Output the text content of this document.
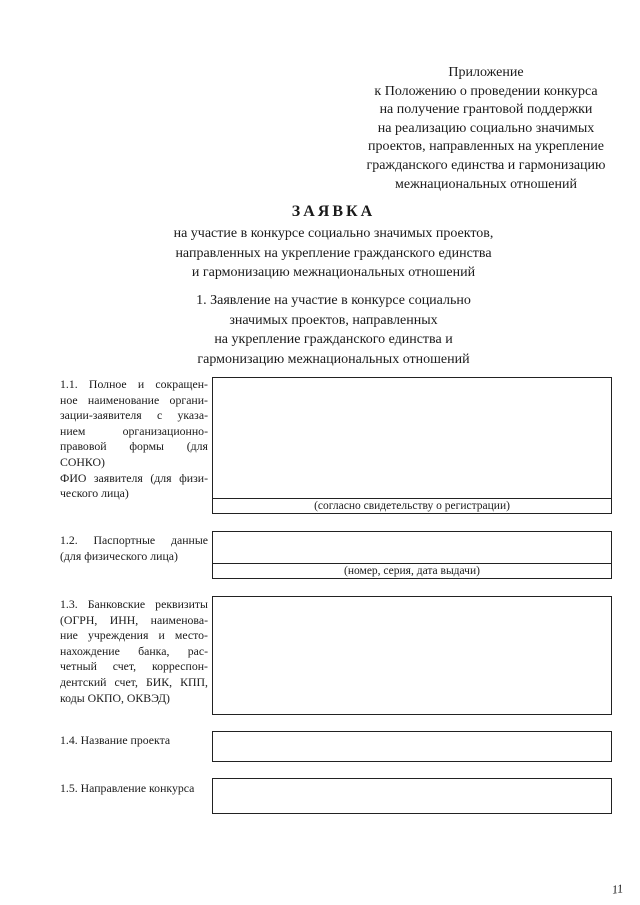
Приложение
к Положению о проведении конкурса
на получение грантовой поддержки
на реализацию социально значимых
проектов, направленных на укрепление
гражданского единства и гармонизацию
межнациональных отношений
ЗАЯВКА
на участие в конкурсе социально значимых проектов,
направленных на укрепление гражданского единства
и гармонизацию межнациональных отношений
1. Заявление на участие в конкурсе социально
значимых проектов, направленных
на укрепление гражданского единства и
гармонизацию межнациональных отношений
1.1. Полное и сокращен-
ное наименование органи-
зации-заявителя с указа-
нием организационно-
правовой формы (для
СОНКО)
ФИО заявителя (для физи-
ческого лица)
(согласно свидетельству о регистрации)
1.2. Паспортные данные
(для физического лица)
(номер, серия, дата выдачи)
1.3. Банковские реквизиты
(ОГРН, ИНН, наименова-
ние учреждения и место-
нахождение банка, рас-
четный счет, корреспон-
дентский счет, БИК, КПП,
коды ОКПО, ОКВЭД)
1.4. Название проекта
1.5. Направление конкурса
11
